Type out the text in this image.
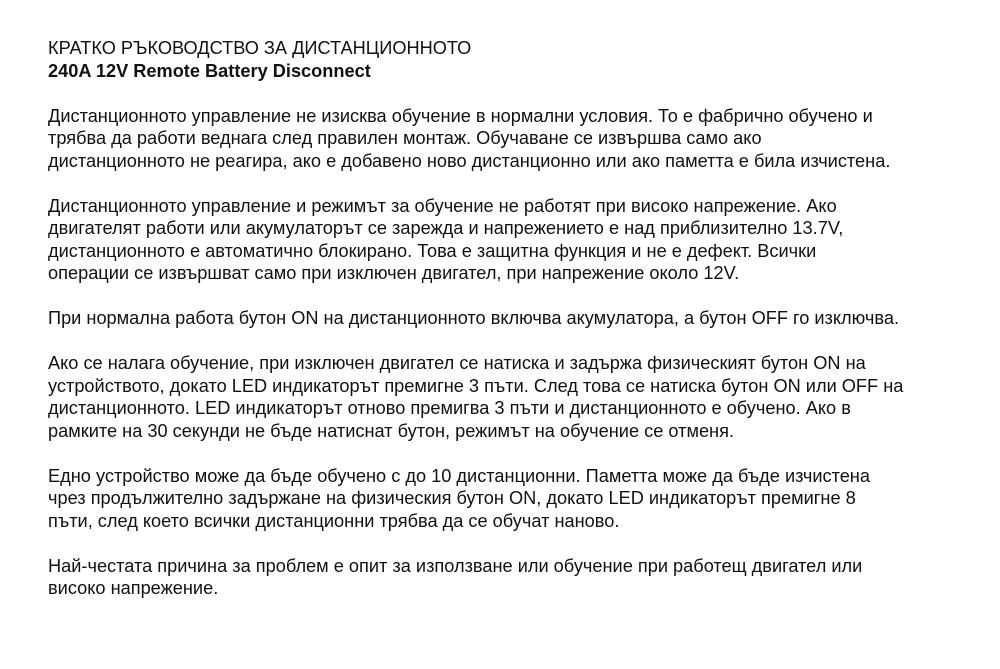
КРАТКО РЪКОВОДСТВО ЗА ДИСТАНЦИОННОТО

240A 12V Remote Battery Disconnect

Дистанционното управление не изисква обучение в нормални условия. То е фабрично обучено и
трябва да работи веднага след правилен монтаж. Обучаване се извършва само ако
дистанционното не реагира, ако е добавено ново дистанционно или ако паметта е била изчистена.

Дистанционното управление и режимът за обучение не работят при високо напрежение. Ако
двигателят работи или акумулаторът се зарежда и напрежението е над приблизително 13.7V,
дистанционното е автоматично блокирано. Това е защитна функция и не е дефект. Всички
операции се извършват само при изключен двигател, при напрежение около 12V.

При нормална работа бутон ON на дистанционното включва акумулатора, а бутон OFF го изключва.

Ако се налага обучение, при изключен двигател се натиска и задържа физическият бутон ON на
устройството, докато LED индикаторът премигне 3 пъти. След това се натиска бутон ON или OFF на
дистанционното. LED индикаторът отново премигва 3 пъти и дистанционното е обучено. Ако в
рамките на 30 секунди не бъде натиснат бутон, режимът на обучение се отменя.

Едно устройство може да бъде обучено с до 10 дистанционни. Паметта може да бъде изчистена
чрез продължително задържане на физическия бутон ON, докато LED индикаторът премигне 8
пъти, след което всички дистанционни трябва да се обучат наново.

Най-честата причина за проблем е опит за използване или обучение при работещ двигател или
високо напрежение.
